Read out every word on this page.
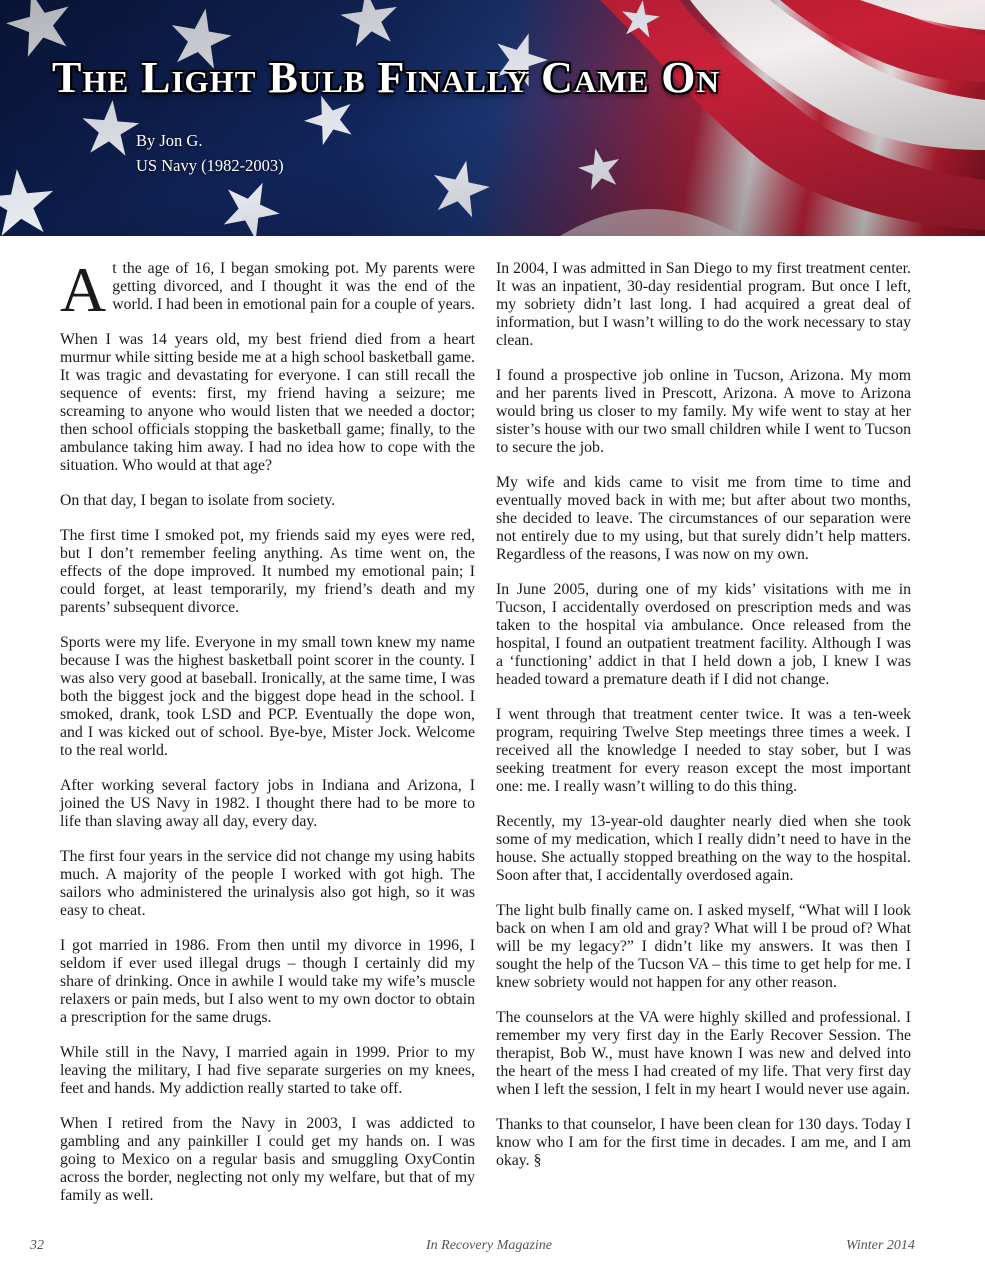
The Light Bulb Finally Came On
By Jon G.
US Navy (1982-2003)

At the age of 16, I began smoking pot. My parents were getting divorced, and I thought it was the end of the world. I had been in emotional pain for a couple of years.

When I was 14 years old, my best friend died from a heart murmur while sitting beside me at a high school basketball game. It was tragic and devastating for everyone. I can still recall the sequence of events: first, my friend having a seizure; me screaming to anyone who would listen that we needed a doctor; then school officials stopping the basketball game; finally, to the ambulance taking him away. I had no idea how to cope with the situation. Who would at that age?

On that day, I began to isolate from society.

The first time I smoked pot, my friends said my eyes were red, but I don’t remember feeling anything. As time went on, the effects of the dope improved. It numbed my emotional pain; I could forget, at least temporarily, my friend’s death and my parents’ subsequent divorce.

Sports were my life. Everyone in my small town knew my name because I was the highest basketball point scorer in the county. I was also very good at baseball. Ironically, at the same time, I was both the biggest jock and the biggest dope head in the school. I smoked, drank, took LSD and PCP. Eventually the dope won, and I was kicked out of school. Bye-bye, Mister Jock. Welcome to the real world.

After working several factory jobs in Indiana and Arizona, I joined the US Navy in 1982. I thought there had to be more to life than slaving away all day, every day.

The first four years in the service did not change my using habits much. A majority of the people I worked with got high. The sailors who administered the urinalysis also got high, so it was easy to cheat.

I got married in 1986. From then until my divorce in 1996, I seldom if ever used illegal drugs – though I certainly did my share of drinking. Once in awhile I would take my wife’s muscle relaxers or pain meds, but I also went to my own doctor to obtain a prescription for the same drugs.

While still in the Navy, I married again in 1999. Prior to my leaving the military, I had five separate surgeries on my knees, feet and hands. My addiction really started to take off.

When I retired from the Navy in 2003, I was addicted to gambling and any painkiller I could get my hands on. I was going to Mexico on a regular basis and smuggling OxyContin across the border, neglecting not only my welfare, but that of my family as well.

In 2004, I was admitted in San Diego to my first treatment center. It was an inpatient, 30-day residential program. But once I left, my sobriety didn’t last long. I had acquired a great deal of information, but I wasn’t willing to do the work necessary to stay clean.

I found a prospective job online in Tucson, Arizona. My mom and her parents lived in Prescott, Arizona. A move to Arizona would bring us closer to my family. My wife went to stay at her sister’s house with our two small children while I went to Tucson to secure the job.

My wife and kids came to visit me from time to time and eventually moved back in with me; but after about two months, she decided to leave. The circumstances of our separation were not entirely due to my using, but that surely didn’t help matters. Regardless of the reasons, I was now on my own.

In June 2005, during one of my kids’ visitations with me in Tucson, I accidentally overdosed on prescription meds and was taken to the hospital via ambulance. Once released from the hospital, I found an outpatient treatment facility. Although I was a ‘functioning’ addict in that I held down a job, I knew I was headed toward a premature death if I did not change.

I went through that treatment center twice. It was a ten-week program, requiring Twelve Step meetings three times a week. I received all the knowledge I needed to stay sober, but I was seeking treatment for every reason except the most important one: me. I really wasn’t willing to do this thing.

Recently, my 13-year-old daughter nearly died when she took some of my medication, which I really didn’t need to have in the house. She actually stopped breathing on the way to the hospital. Soon after that, I accidentally overdosed again.

The light bulb finally came on. I asked myself, “What will I look back on when I am old and gray? What will I be proud of? What will be my legacy?” I didn’t like my answers. It was then I sought the help of the Tucson VA – this time to get help for me. I knew sobriety would not happen for any other reason.

The counselors at the VA were highly skilled and professional. I remember my very first day in the Early Recover Session. The therapist, Bob W., must have known I was new and delved into the heart of the mess I had created of my life. That very first day when I left the session, I felt in my heart I would never use again.

Thanks to that counselor, I have been clean for 130 days. Today I know who I am for the first time in decades. I am me, and I am okay. §

32	In Recovery Magazine	Winter 2014
